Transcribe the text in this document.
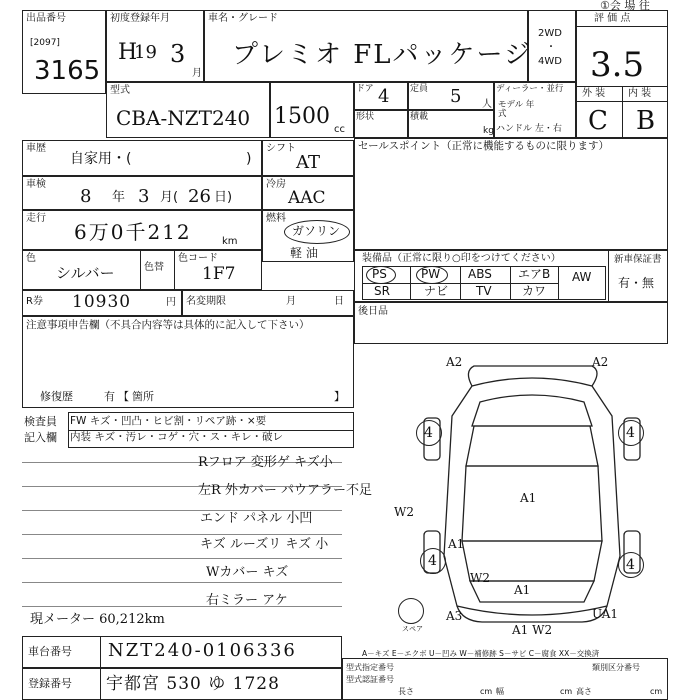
①会 場 往
出品番号
[2097]
3165
初度登録年月
H
19 3
月
車名・グレード
プレミオ FLパッケージ
2WD
・
4WD
評 価 点
3.5
外 装 内 装
C B
型式
CBA-NZT240 1500
cc
ドア 4 定員 5 人
ディーラー・並行
モデル 年式
ハンドル 左・右
形状	積載
kg
車歴
自家用・(	)
シフト
AT
車検
8 年 3 月( 26 日)
冷房
AAC
走行
6万0千212	km
燃料
ガソリン
軽 油
色
シルバー	色替
色コード
1F7
R券 10930	円 名変期限	月	日
セールスポイント（正常に機能するものに限ります）
装備品（正常に限り○印をつけてください）	新車保証書
有・無
PS	PW ABS エアB AW
SR	ナビ TV	カワ
後日品
注意事項申告欄（不具合内容等は具体的に記入して下さい）
修復歴	有 【 箇所	】
検査員 FW キズ・凹凸・ヒビ割・リペア跡・×要
記入欄 内装 キズ・汚レ・コゲ・穴・ス・キレ・破レ
Rフロア 変形ゲ キズ小
左R 外カバー パウアラー不足
エンド パネル 小凹
キズ ルーズリ キズ 小
Wカバー キズ
右ミラー アケ
現メーター 60,212km
A2	A2
4	4
A1
W2
4	4
A1
W2
A1
A3	UA1
A1 W2
スペア
A－キズ E－エクボ U－凹み W－補修跡 S－サビ C－腐食 XX－交換済
車台番号 NZT240-0106336
登録番号 宇都宮 530 ゆ 1728
型式指定番号
型式認証番号
類別区分番号
長さ	cm 幅	cm 高さ	cm
